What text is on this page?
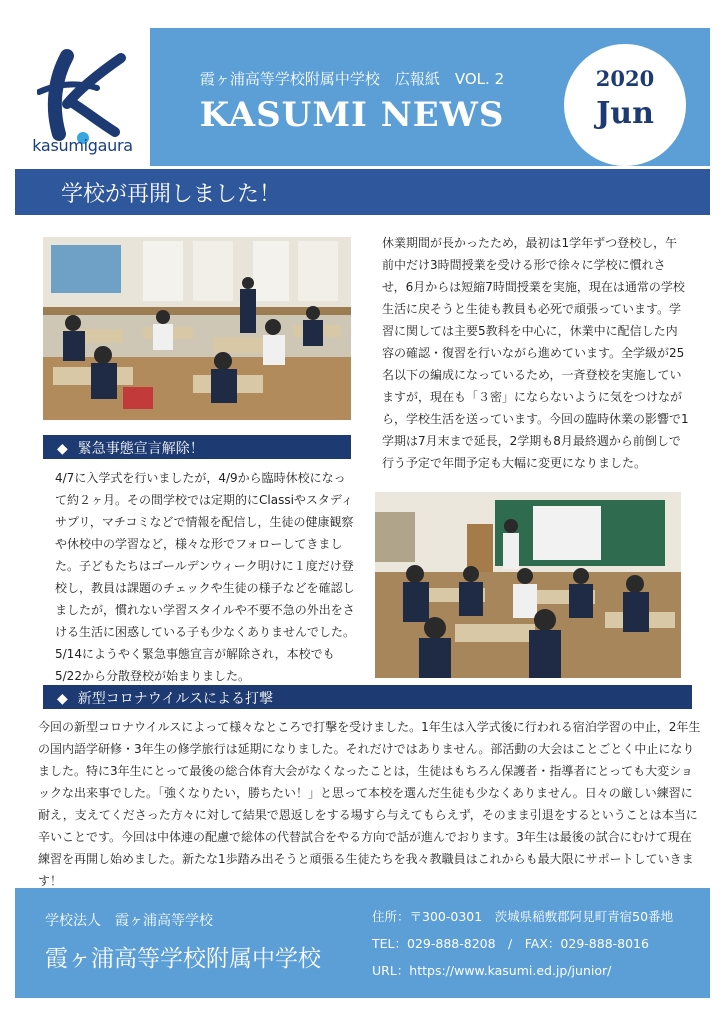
kasumigaura
霞ヶ浦高等学校附属中学校　広報紙　VOL. 2
KASUMI NEWS
2020
Jun
学校が再開しました！
休業期間が長かったため，最初は1学年ずつ登校し，午前中だけ3時間授業を受ける形で徐々に学校に慣れさせ，6月からは短縮7時間授業を実施，現在は通常の学校生活に戻そうと生徒も教員も必死で頑張っています。学習に関しては主要5教科を中心に，休業中に配信した内容の確認・復習を行いながら進めています。全学級が25名以下の編成になっているため，一斉登校を実施していますが，現在も「３密」にならないように気をつけながら，学校生活を送っています。今回の臨時休業の影響で1学期は7月末まで延長，2学期も8月最終週から前倒しで行う予定で年間予定も大幅に変更になりました。
◆ 緊急事態宣言解除！
4/7に入学式を行いましたが，4/9から臨時休校になって約２ヶ月。その間学校では定期的にClassiやスタディサプリ，マチコミなどで情報を配信し，生徒の健康観察や休校中の学習など，様々な形でフォローしてきました。子どもたちはゴールデンウィーク明けに１度だけ登校し，教員は課題のチェックや生徒の様子などを確認しましたが，慣れない学習スタイルや不要不急の外出をさける生活に困惑している子も少なくありませんでした。5/14にようやく緊急事態宣言が解除され，本校でも5/22から分散登校が始まりました。
◆ 新型コロナウイルスによる打撃
今回の新型コロナウイルスによって様々なところで打撃を受けました。1年生は入学式後に行われる宿泊学習の中止，2年生の国内語学研修・3年生の修学旅行は延期になりました。それだけではありません。部活動の大会はことごとく中止になりました。特に3年生にとって最後の総合体育大会がなくなったことは，生徒はもちろん保護者・指導者にとっても大変ショックな出来事でした。「強くなりたい，勝ちたい！」と思って本校を選んだ生徒も少なくありません。日々の厳しい練習に耐え，支えてくださった方々に対して結果で恩返しをする場すら与えてもらえず，そのまま引退をするということは本当に辛いことです。今回は中体連の配慮で総体の代替試合をやる方向で話が進んでおります。3年生は最後の試合にむけて現在練習を再開し始めました。新たな1歩踏み出そうと頑張る生徒たちを我々教職員はこれからも最大限にサポートしていきます！
学校法人　霞ヶ浦高等学校
霞ヶ浦高等学校附属中学校
住所：〒300-0301　茨城県稲敷郡阿見町青宿50番地
TEL：029-888-8208　/　FAX：029-888-8016
URL：https://www.kasumi.ed.jp/junior/
